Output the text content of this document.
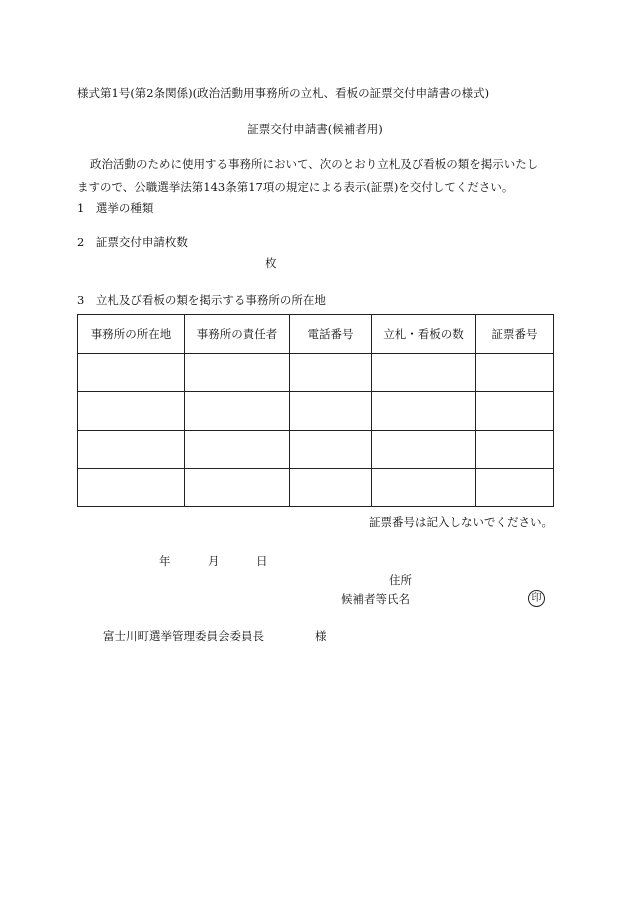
様式第1号(第2条関係)(政治活動用事務所の立札、看板の証票交付申請書の様式)
証票交付申請書(候補者用)
政治活動のために使用する事務所において、次のとおり立札及び看板の類を掲示いたし
ますので、公職選挙法第143条第17項の規定による表示(証票)を交付してください。
1　選挙の種類
2　証票交付申請枚数
枚
3　立札及び看板の類を掲示する事務所の所在地
事務所の所在地	事務所の責任者	電話番号	立札・看板の数	証票番号

証票番号は記入しないでください。
年	月	日
住所
候補者等氏名	印
富士川町選挙管理委員会委員長	様
